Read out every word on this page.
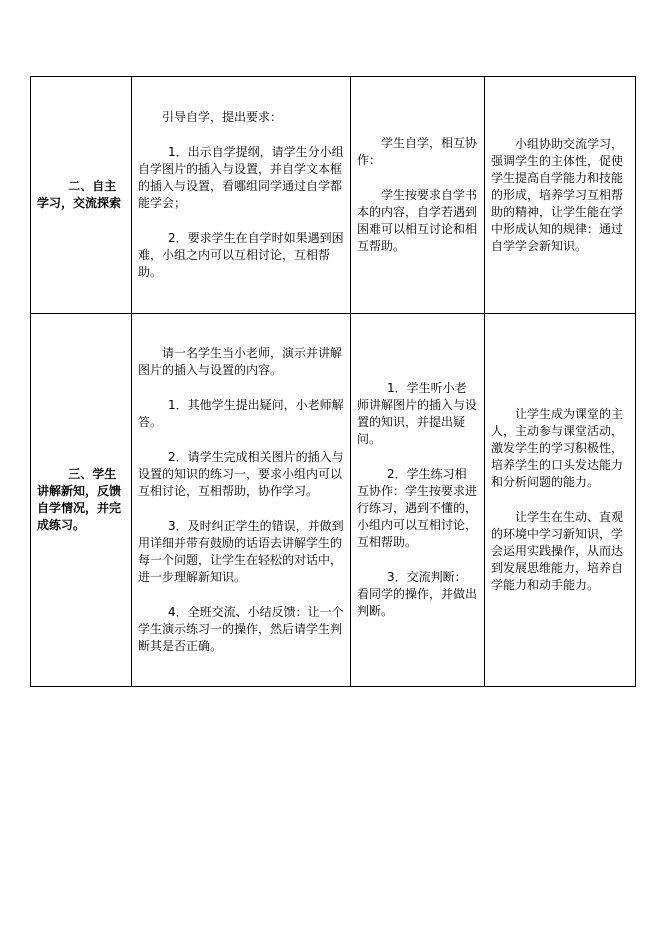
二、自主学习，交流探索	引导自学，提出要求：
1．出示自学提纲，请学生分小组自学图片的插入与设置，并自学文本框的插入与设置，看哪组同学通过自学都能学会；
2．要求学生在自学时如果遇到困难，小组之内可以互相讨论，互相帮助。	学生自学，相互协作：
学生按要求自学书本的内容，自学若遇到困难可以相互讨论和相互帮助。	小组协助交流学习，强调学生的主体性，促使学生提高自学能力和技能的形成，培养学习互相帮助的精神，让学生能在学中形成认知的规律：通过自学学会新知识。

三、学生讲解新知，反馈自学情况，并完成练习。	请一名学生当小老师，演示并讲解图片的插入与设置的内容。
1．其他学生提出疑问，小老师解答。
2．请学生完成相关图片的插入与设置的知识的练习一，要求小组内可以互相讨论，互相帮助，协作学习。
3．及时纠正学生的错误，并做到用详细并带有鼓励的话语去讲解学生的每一个问题，让学生在轻松的对话中，进一步理解新知识。
4．全班交流、小结反馈：让一个学生演示练习一的操作，然后请学生判断其是否正确。	1．学生听小老师讲解图片的插入与设置的知识，并提出疑问。
2．学生练习相互协作：学生按要求进行练习，遇到不懂的，小组内可以互相讨论，互相帮助。
3．交流判断：看同学的操作，并做出判断。	让学生成为课堂的主人，主动参与课堂活动，激发学生的学习积极性，培养学生的口头发达能力和分析问题的能力。
让学生在生动、直观的环境中学习新知识，学会运用实践操作，从而达到发展思维能力，培养自学能力和动手能力。
